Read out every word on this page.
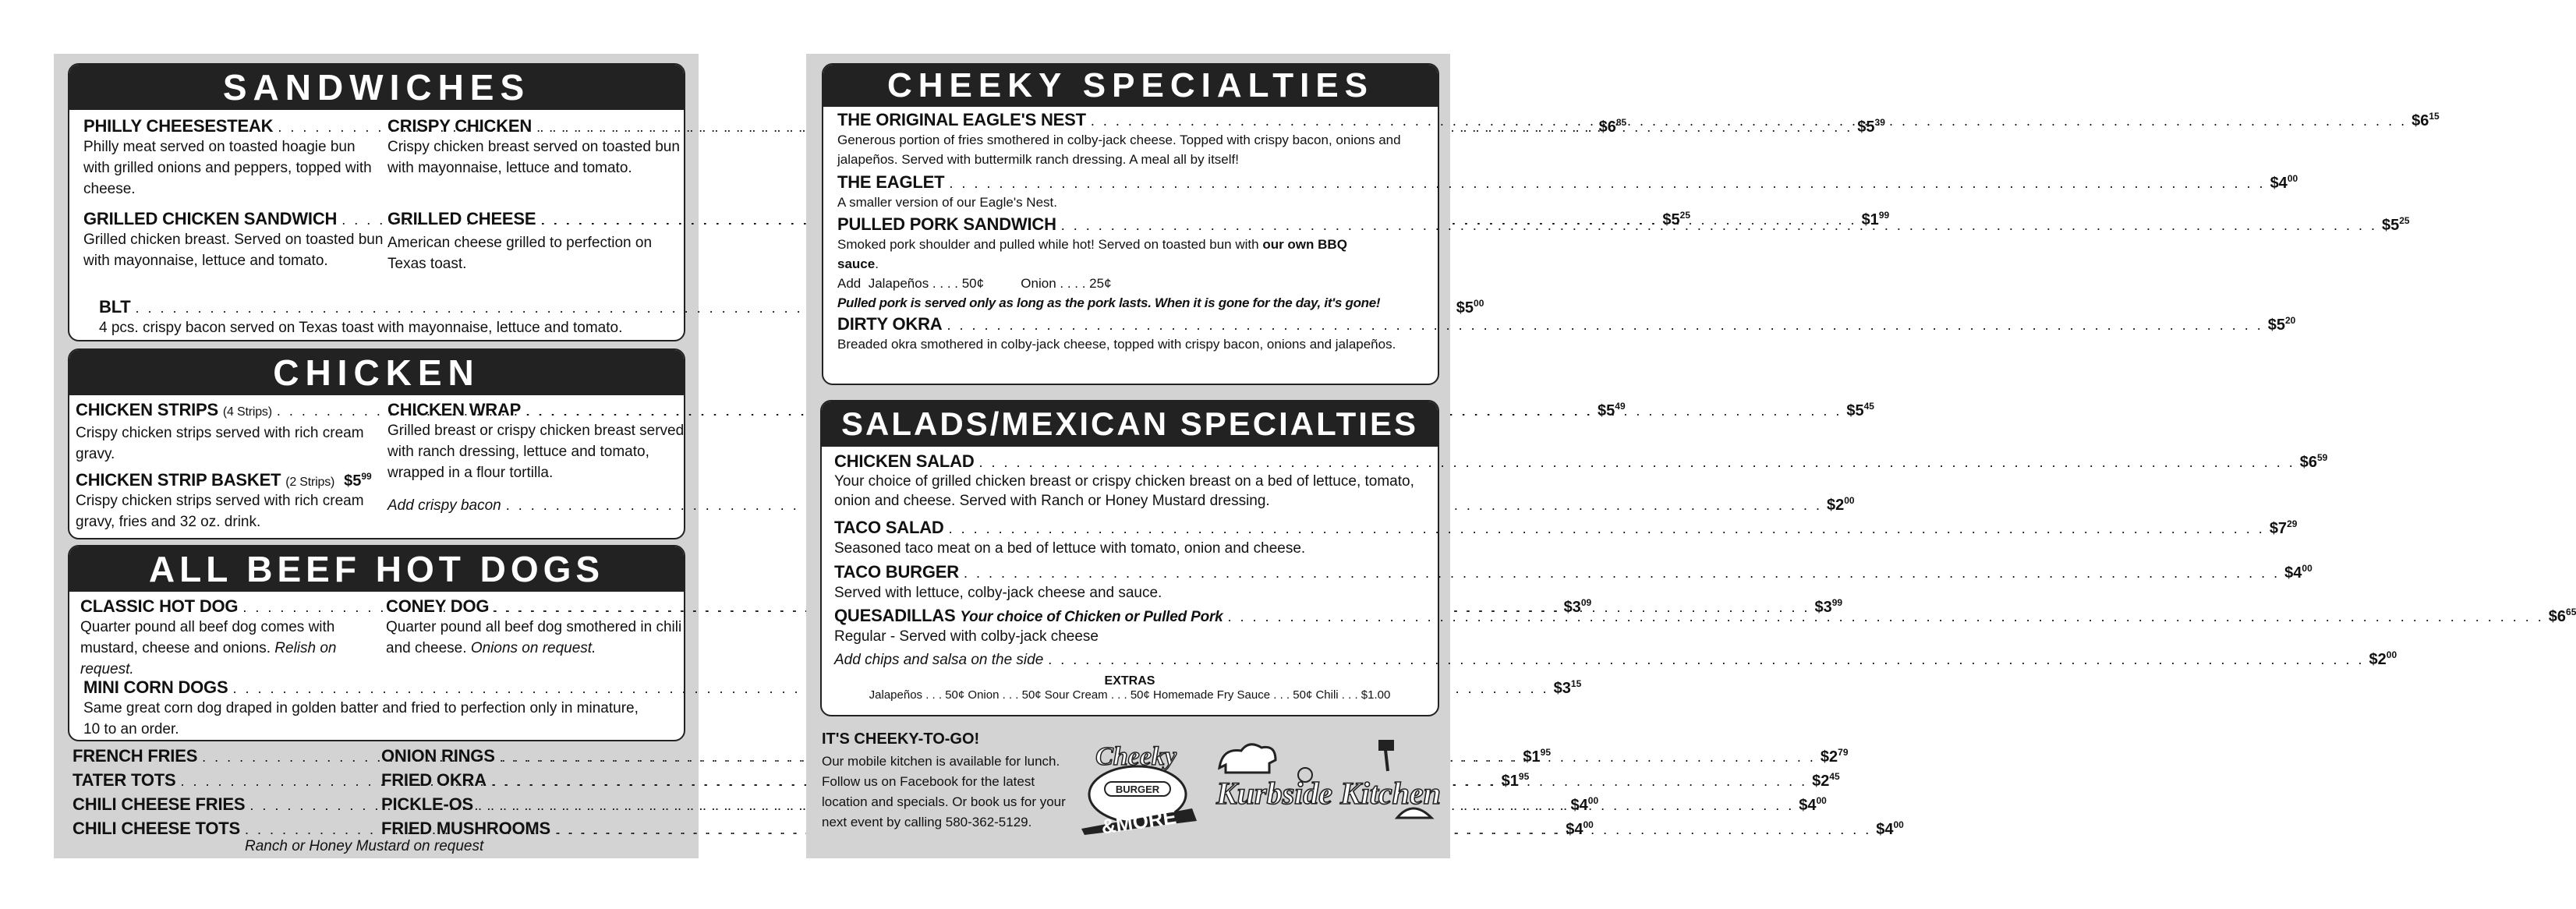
SANDWICHES
PHILLY CHEESESTEAK . . .	$\$6^{85}$
Philly meat served on toasted hoagie bun with grilled onions and peppers, topped with cheese.
CRISPY CHICKEN . . .	$\$5^{39}$
Crispy chicken breast served on toasted bun with mayonnaise, lettuce and tomato.
GRILLED CHICKEN SANDWICH . . .	$\$5^{25}$
Grilled chicken breast. Served on toasted bun with mayonnaise, lettuce and tomato.
GRILLED CHEESE . . .	$\$1^{99}$
American cheese grilled to perfection on Texas toast.
BLT . . .	$\$5^{00}$
4 pcs. crispy bacon served on Texas toast with mayonnaise, lettuce and tomato.
CHICKEN
CHICKEN STRIPS (4 Strips) . . .	$\$5^{49}$
Crispy chicken strips served with rich cream gravy.
CHICKEN WRAP . . .	$\$5^{45}$
Grilled breast or crispy chicken breast served with ranch dressing, lettuce and tomato, wrapped in a flour tortilla.
CHICKEN STRIP BASKET (2 Strips) $\$5^{99}$
Crispy chicken strips served with rich cream gravy, fries and 32 oz. drink.
Add crispy bacon . . .	$\$2^{00}$
ALL BEEF HOT DOGS
CLASSIC HOT DOG . . .	$\$3^{09}$
Quarter pound all beef dog comes with mustard, cheese and onions. Relish on request.
CONEY DOG . . .	$\$3^{99}$
Quarter pound all beef dog smothered in chili and cheese. Onions on request.
MINI CORN DOGS . . .	$\$3^{15}$
Same great corn dog draped in golden batter and fried to perfection only in minature, 10 to an order.
FRENCH FRIES . . .	$\$1^{95}$
ONION RINGS . . .	$\$2^{79}$
TATER TOTS . . .	$\$1^{95}$
FRIED OKRA . . .	$\$2^{45}$
CHILI CHEESE FRIES . . .	$\$4^{00}$
PICKLE-OS . . .	$\$4^{00}$
CHILI CHEESE TOTS . . .	$\$4^{00}$
FRIED MUSHROOMS . . .	$\$4^{00}$
Ranch or Honey Mustard on request
CHEEKY SPECIALTIES
THE ORIGINAL EAGLE'S NEST . . .	$\$6^{15}$
Generous portion of fries smothered in colby-jack cheese. Topped with crispy bacon, onions and jalapeños. Served with buttermilk ranch dressing. A meal all by itself!
THE EAGLET . . .	$\$4^{00}$
A smaller version of our Eagle's Nest.
PULLED PORK SANDWICH . . .	$\$5^{25}$
Smoked pork shoulder and pulled while hot! Served on toasted bun with our own BBQ sauce.
Add  Jalapeños . . . . 50¢          Onion . . . . 25¢
Pulled pork is served only as long as the pork lasts. When it is gone for the day, it's gone!
DIRTY OKRA . . .	$\$5^{20}$
Breaded okra smothered in colby-jack cheese, topped with crispy bacon, onions and jalapeños.
SALADS/MEXICAN SPECIALTIES
CHICKEN SALAD . . .	$\$6^{59}$
Your choice of grilled chicken breast or crispy chicken breast on a bed of lettuce, tomato, onion and cheese. Served with Ranch or Honey Mustard dressing.
TACO SALAD . . .	$\$7^{29}$
Seasoned taco meat on a bed of lettuce with tomato, onion and cheese.
TACO BURGER . . .	$\$4^{00}$
Served with lettuce, colby-jack cheese and sauce.
QUESADILLAS Your choice of Chicken or Pulled Pork . . .	$\$6^{65}$
Regular - Served with colby-jack cheese
Add chips and salsa on the side . . .	$\$2^{00}$
EXTRAS
Jalapeños . . . 50¢ Onion . . . 50¢ Sour Cream . . . 50¢ Homemade Fry Sauce . . . 50¢ Chili . . . $1.00
IT'S CHEEKY-TO-GO!

Our mobile kitchen is available for lunch. Follow us on Facebook for the latest location and specials. Or book us for your next event by calling 580-362-5129.

Cheeky
BURGER
&MORE
Kurbside Kitchen
